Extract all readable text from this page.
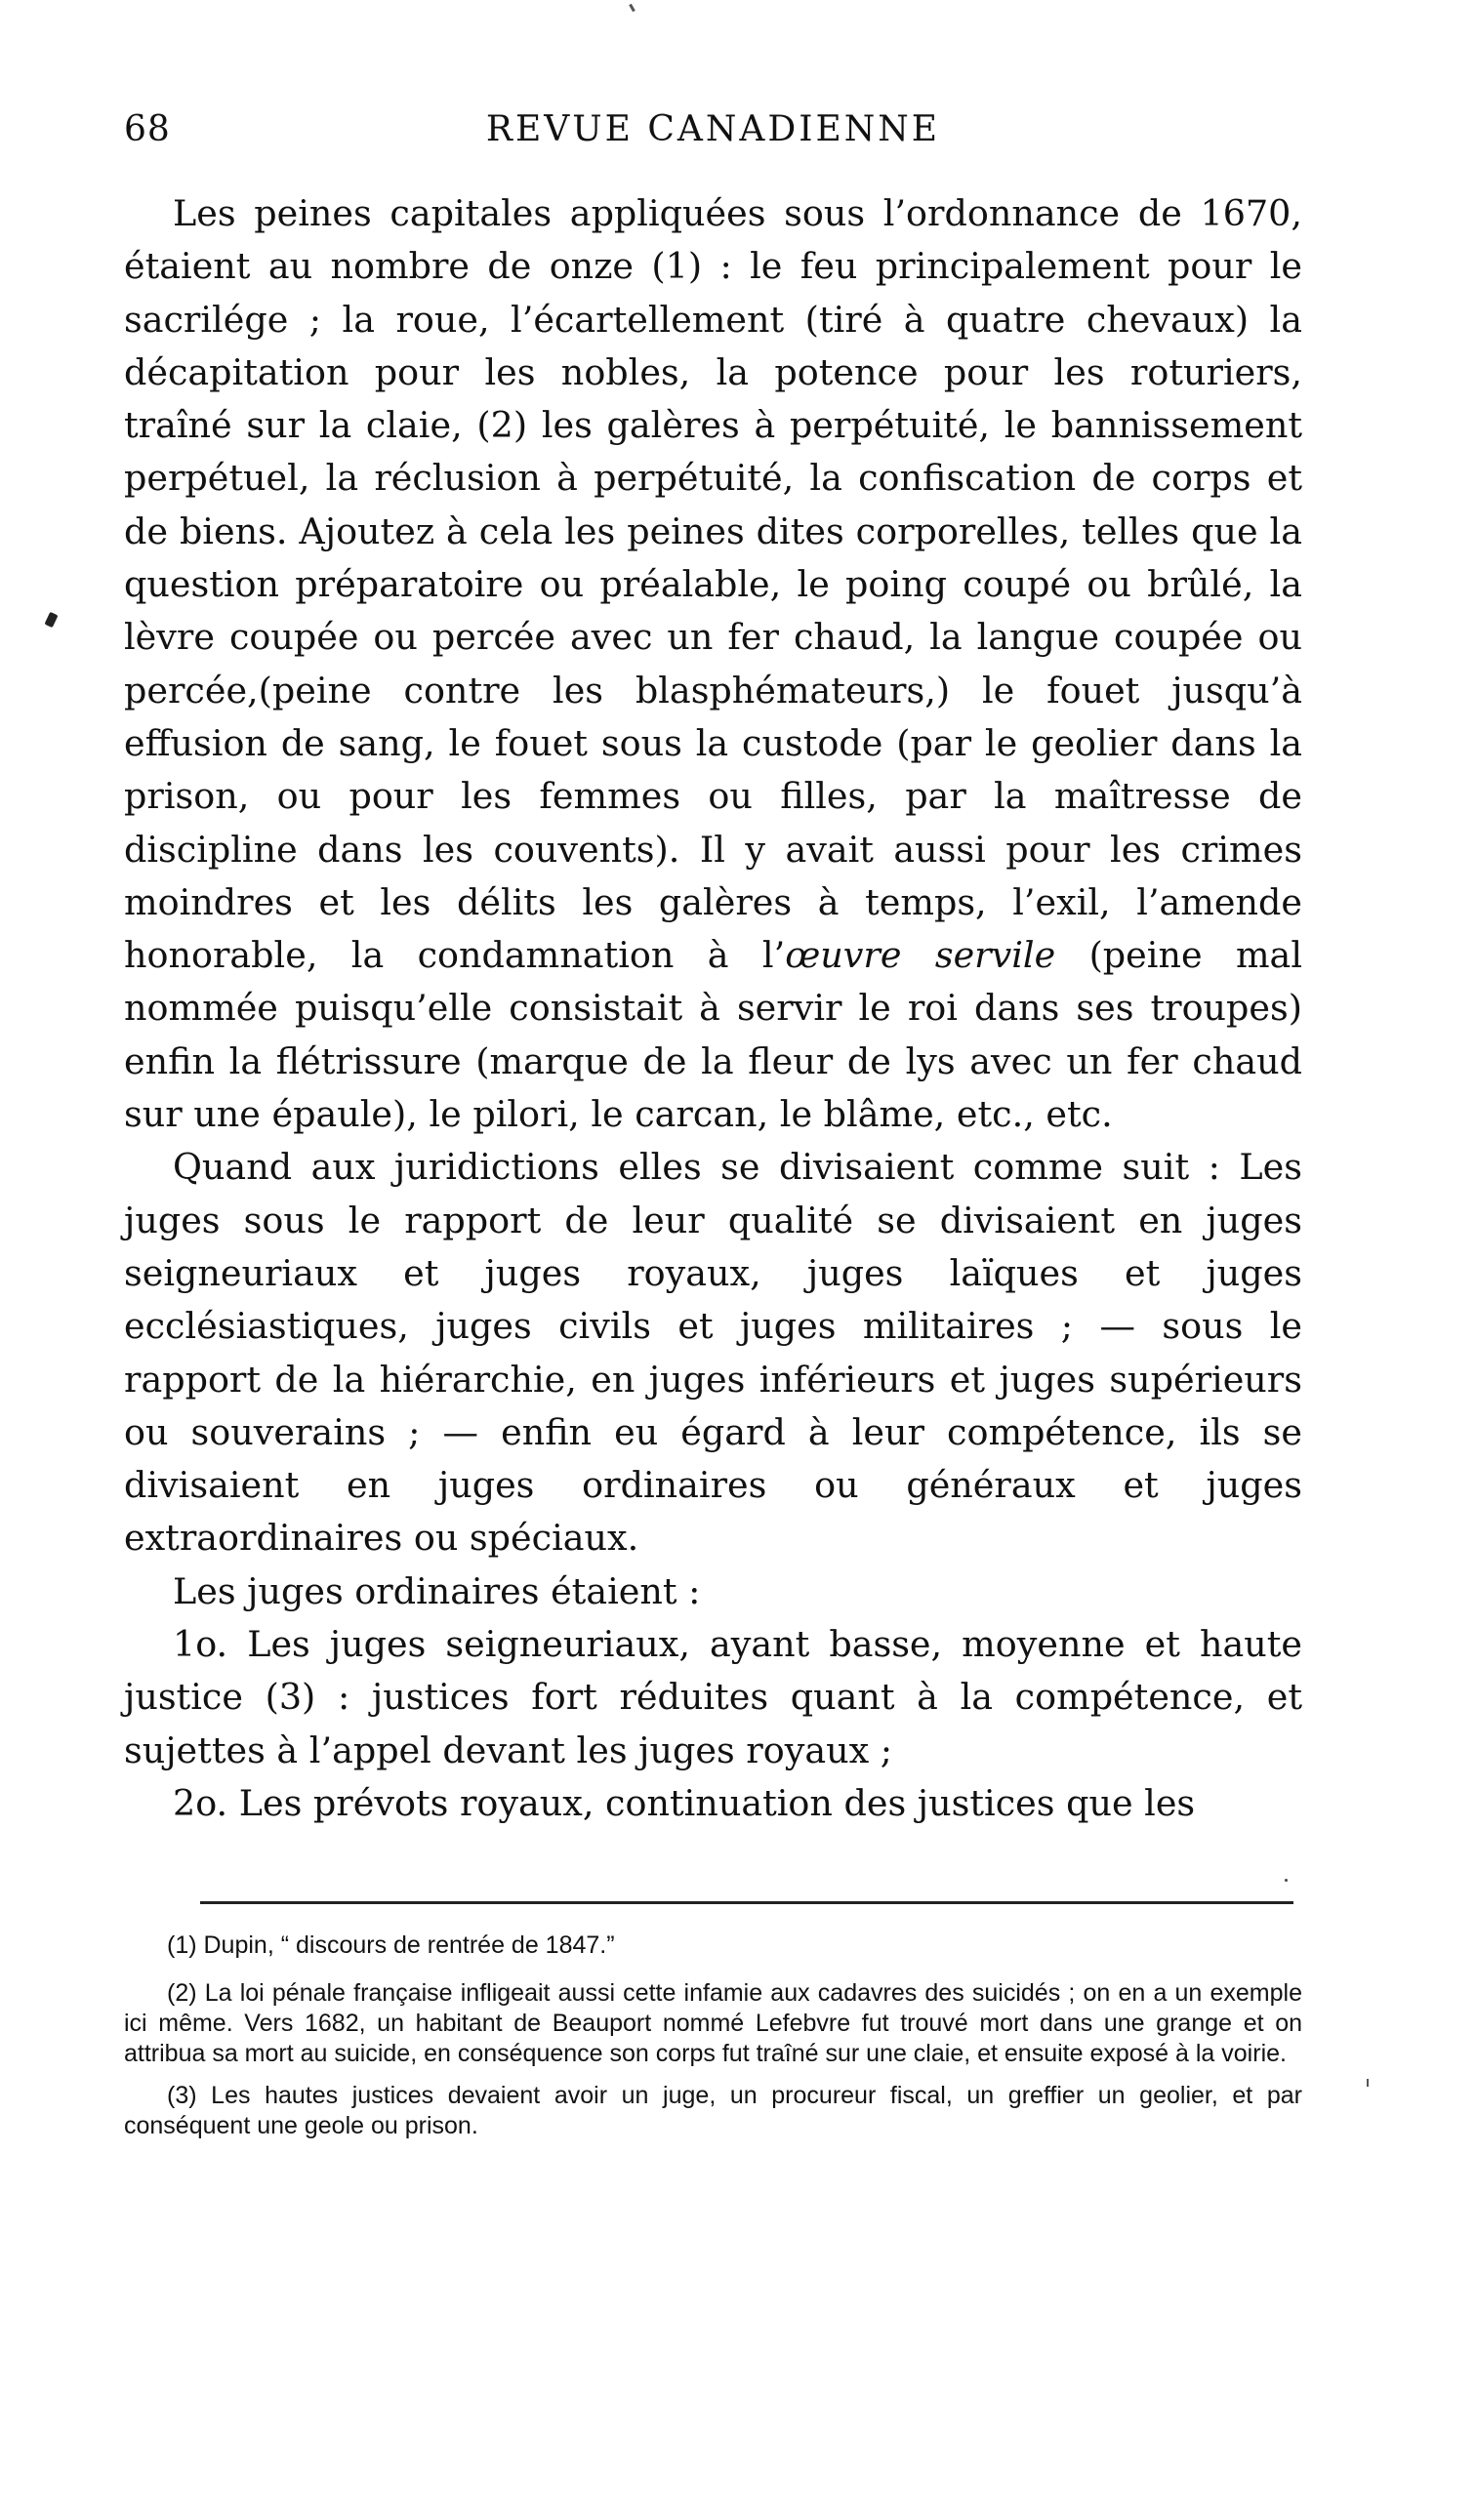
68	REVUE CANADIENNE

Les peines capitales appliquées sous l’ordonnance de 1670, étaient au nombre de onze (1) : le feu principalement pour le sacrilége ; la roue, l’écartellement (tiré à quatre chevaux) la décapitation pour les nobles, la potence pour les roturiers, traîné sur la claie, (2) les galères à perpétuité, le bannissement perpétuel, la réclusion à perpétuité, la confiscation de corps et de biens. Ajoutez à cela les peines dites corporelles, telles que la question préparatoire ou préalable, le poing coupé ou brûlé, la lèvre coupée ou percée avec un fer chaud, la langue coupée ou percée,(peine contre les blasphémateurs,) le fouet jusqu’à effusion de sang, le fouet sous la custode (par le geolier dans la prison, ou pour les femmes ou filles, par la maîtresse de discipline dans les couvents). Il y avait aussi pour les crimes moindres et les délits les galères à temps, l’exil, l’amende honorable, la condamnation à l’œuvre servile (peine mal nommée puisqu’elle consistait à servir le roi dans ses troupes) enfin la flétrissure (marque de la fleur de lys avec un fer chaud sur une épaule), le pilori, le carcan, le blâme, etc., etc.

Quand aux juridictions elles se divisaient comme suit : Les juges sous le rapport de leur qualité se divisaient en juges seigneuriaux et juges royaux, juges laïques et juges ecclésiastiques, juges civils et juges militaires ; — sous le rapport de la hiérarchie, en juges inférieurs et juges supérieurs ou souverains ; — enfin eu égard à leur compétence, ils se divisaient en juges ordinaires ou généraux et juges extraordinaires ou spéciaux.

Les juges ordinaires étaient :

1o. Les juges seigneuriaux, ayant basse, moyenne et haute justice (3) : justices fort réduites quant à la compétence, et sujettes à l’appel devant les juges royaux ;

2o. Les prévots royaux, continuation des justices que les

(1) Dupin, “ discours de rentrée de 1847.”

(2) La loi pénale française infligeait aussi cette infamie aux cadavres des suicidés ; on en a un exemple ici même. Vers 1682, un habitant de Beauport nommé Lefebvre fut trouvé mort dans une grange et on attribua sa mort au suicide, en conséquence son corps fut traîné sur une claie, et ensuite exposé à la voirie.

(3) Les hautes justices devaient avoir un juge, un procureur fiscal, un greffier un geolier, et par conséquent une geole ou prison.
